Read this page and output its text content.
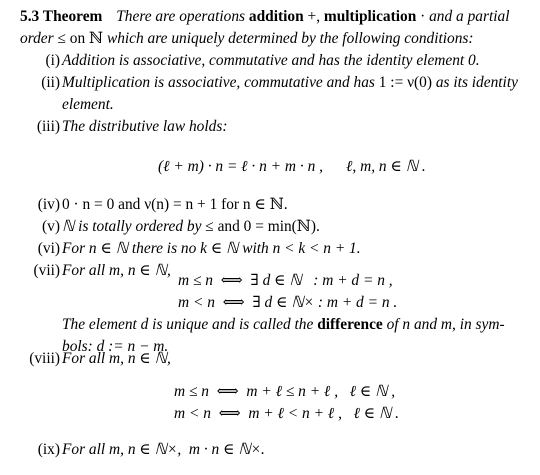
5.3 Theorem There are operations addition +, multiplication · and a partial
order ≤ on ℕ which are uniquely determined by the following conditions:
(i) Addition is associative, commutative and has the identity element 0.
(ii) Multiplication is associative, commutative and has 1 := ν(0) as its identity
element.
(iii) The distributive law holds:
(ℓ + m) · n = ℓ · n + m · n , ℓ, m, n ∈ ℕ .
(iv) 0 · n = 0 and ν(n) = n + 1 for n ∈ ℕ.
(v) ℕ is totally ordered by ≤ and 0 = min(ℕ).
(vi) For n ∈ ℕ there is no k ∈ ℕ with n < k < n + 1.
(vii) For all m, n ∈ ℕ,
m ≤ n  ⟺  ∃ d ∈ ℕ   : m + d = n ,
m < n  ⟺  ∃ d ∈ ℕ× : m + d = n .
The element d is unique and is called the difference of n and m, in sym-
bols: d := n − m.
(viii) For all m, n ∈ ℕ,
m ≤ n  ⟺  m + ℓ ≤ n + ℓ ,   ℓ ∈ ℕ ,
m < n  ⟺  m + ℓ < n + ℓ ,   ℓ ∈ ℕ .
(ix) For all m, n ∈ ℕ×,  m · n ∈ ℕ×.
